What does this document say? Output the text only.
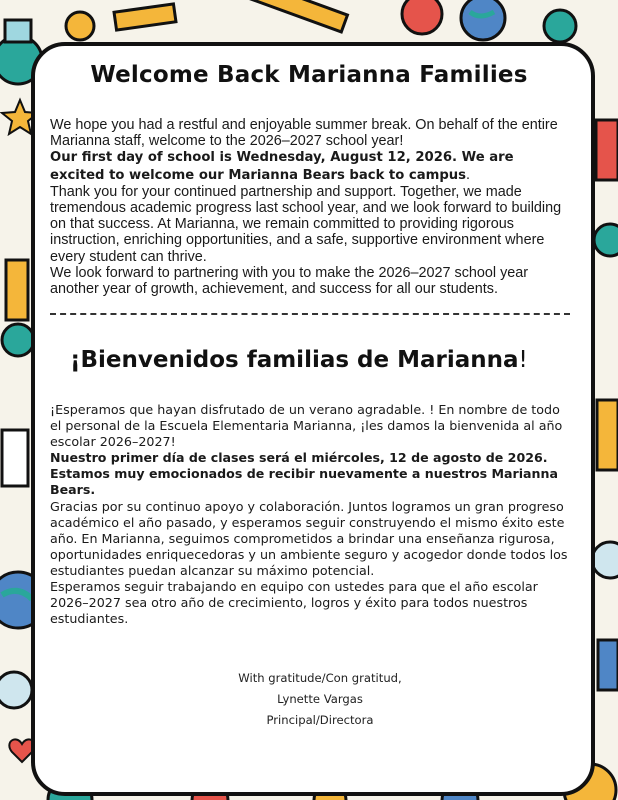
Welcome Back Marianna Families

We hope you had a restful and enjoyable summer break. On behalf of the entire Marianna staff, welcome to the 2026–2027 school year!

Our first day of school is Wednesday, August 12, 2026. We are excited to welcome our Marianna Bears back to campus.

Thank you for your continued partnership and support. Together, we made tremendous academic progress last school year, and we look forward to building on that success. At Marianna, we remain committed to providing rigorous instruction, enriching opportunities, and a safe, supportive environment where every student can thrive.

We look forward to partnering with you to make the 2026–2027 school year another year of growth, achievement, and success for all our students.

¡Bienvenidos familias de Marianna!

¡Esperamos que hayan disfrutado de un verano agradable. ! En nombre de todo el personal de la Escuela Elementaria Marianna, ¡les damos la bienvenida al año escolar 2026–2027!

Nuestro primer día de clases será el miércoles, 12 de agosto de 2026. Estamos muy emocionados de recibir nuevamente a nuestros Marianna Bears.

Gracias por su continuo apoyo y colaboración. Juntos logramos un gran progreso académico el año pasado, y esperamos seguir construyendo el mismo éxito este año. En Marianna, seguimos comprometidos a brindar una enseñanza rigurosa, oportunidades enriquecedoras y un ambiente seguro y acogedor donde todos los estudiantes puedan alcanzar su máximo potencial.

Esperamos seguir trabajando en equipo con ustedes para que el año escolar 2026–2027 sea otro año de crecimiento, logros y éxito para todos nuestros estudiantes.

With gratitude/Con gratitud,
Lynette Vargas
Principal/Directora
